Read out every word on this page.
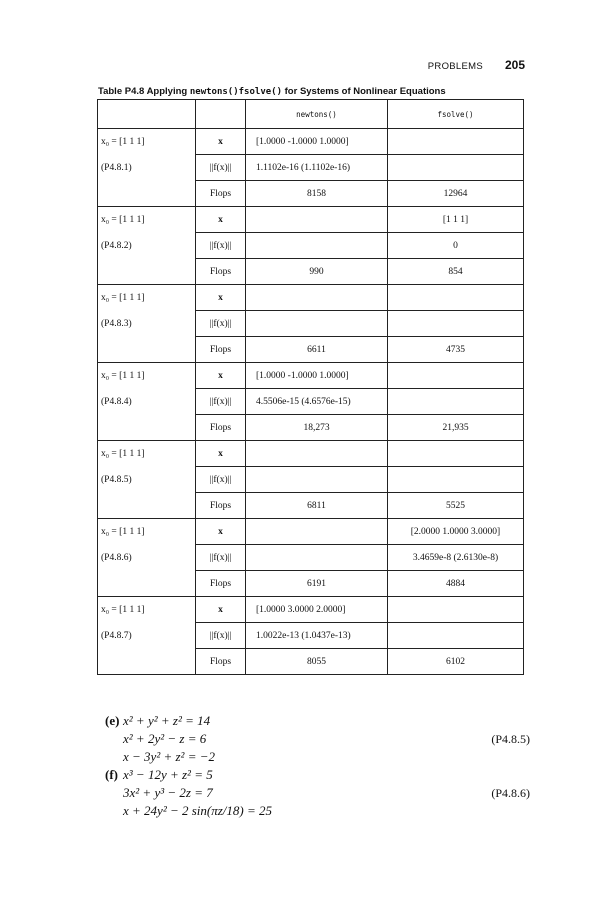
PROBLEMS 205
Table P4.8 Applying newtons()fsolve() for Systems of Nonlinear Equations
		newtons()	fsolve()
x₀ = [1 1 1]	x	[1.0000 -1.0000 1.0000]	
(P4.8.1)	||f(x)||	1.1102e-16 (1.1102e-16)	
	Flops	8158	12964
x₀ = [1 1 1]	x		[1 1 1]
(P4.8.2)	||f(x)||		0
	Flops	990	854
x₀ = [1 1 1]	x		
(P4.8.3)	||f(x)||		
	Flops	6611	4735
x₀ = [1 1 1]	x	[1.0000 -1.0000 1.0000]	
(P4.8.4)	||f(x)||	4.5506e-15 (4.6576e-15)	
	Flops	18,273	21,935
x₀ = [1 1 1]	x		
(P4.8.5)	||f(x)||		
	Flops	6811	5525
x₀ = [1 1 1]	x		[2.0000 1.0000 3.0000]
(P4.8.6)	||f(x)||		3.4659e-8 (2.6130e-8)
	Flops	6191	4884
x₀ = [1 1 1]	x	[1.0000 3.0000 2.0000]	
(P4.8.7)	||f(x)||	1.0022e-13 (1.0437e-13)	
	Flops	8055	6102
(e) x² + y² + z² = 14
x² + 2y² − z = 6	(P4.8.5)
x − 3y² + z² = −2
(f) x³ − 12y + z² = 5
3x² + y³ − 2z = 7	(P4.8.6)
x + 24y² − 2 sin(πz/18) = 25
